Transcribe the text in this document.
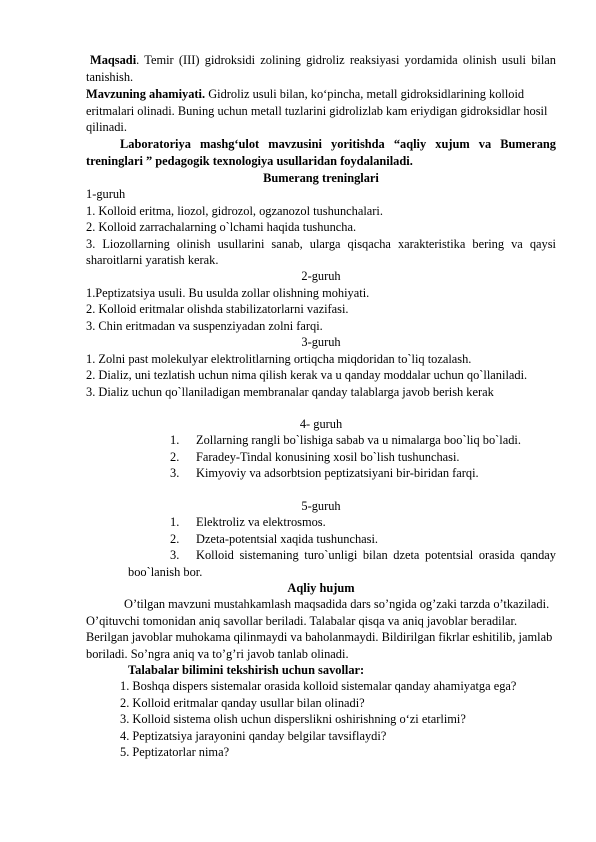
Maqsadi. Temir (III) gidroksidi zolining gidroliz reaksiyasi yordamida olinish usuli bilan tanishish.
Mavzuning ahamiyati. Gidroliz usuli bilan, ko‘pincha, metall gidroksidlarining kolloid eritmalari olinadi. Buning uchun metall tuzlarini gidrolizlab kam eriydigan gidroksidlar hosil qilinadi.
Laboratoriya mashg‘ulot mavzusini yoritishda “aqliy xujum va Bumerang treninglari ” pedagogik texnologiya usullaridan foydalaniladi.
Bumerang treninglari

1-guruh

1. Kolloid eritma, liozol, gidrozol, ogzanozol tushunchalari.

2. Kolloid zarrachalarning o`lchami haqida tushuncha.

3. Liozollarning olinish usullarini sanab, ularga qisqacha xarakteristika bering va qaysi sharoitlarni yaratish kerak.

2-guruh

1.Peptizatsiya usuli. Bu usulda zollar olishning mohiyati.

2. Kolloid eritmalar olishda stabilizatorlarni vazifasi.

3. Chin eritmadan va suspenziyadan zolni farqi.

3-guruh

1. Zolni past molekulyar elektrolitlarning ortiqcha miqdoridan to`liq tozalash.

2. Dializ, uni tezlatish uchun nima qilish kerak va u qanday moddalar uchun qo`llaniladi.

3. Dializ uchun qo`llaniladigan membranalar qanday talablarga javob berish kerak

4- guruh

1. Zollarning rangli bo`lishiga sabab va u nimalarga boo`liq bo`ladi.

2. Faradey-Tindal konusining xosil bo`lish tushunchasi.

3. Kimyoviy va adsorbtsion peptizatsiyani bir-biridan farqi.

5-guruh

1. Elektroliz va elektrosmos.

2. Dzeta-potentsial xaqida tushunchasi.

3. Kolloid sistemaning turo`unligi bilan dzeta potentsial orasida qanday boo`lanish bor.

Aqliy hujum
O’tilgan mavzuni mustahkamlash maqsadida dars so’ngida og’zaki tarzda o’tkaziladi. O’qituvchi tomonidan aniq savollar beriladi. Talabalar qisqa va aniq javoblar beradilar. Berilgan javoblar muhokama qilinmaydi va baholanmaydi. Bildirilgan fikrlar eshitilib, jamlab boriladi. So’ngra aniq va to’g’ri javob tanlab olinadi.
Talabalar bilimini tekshirish uchun savollar:

1. Boshqa dispers sistemalar orasida kolloid sistemalar qanday ahamiyatga ega?

2. Kolloid eritmalar qanday usullar bilan olinadi?

3. Kolloid sistema olish uchun disperslikni oshirishning o‘zi etarlimi?

4. Peptizatsiya jarayonini qanday belgilar tavsiflaydi?

5. Peptizatorlar nima?
